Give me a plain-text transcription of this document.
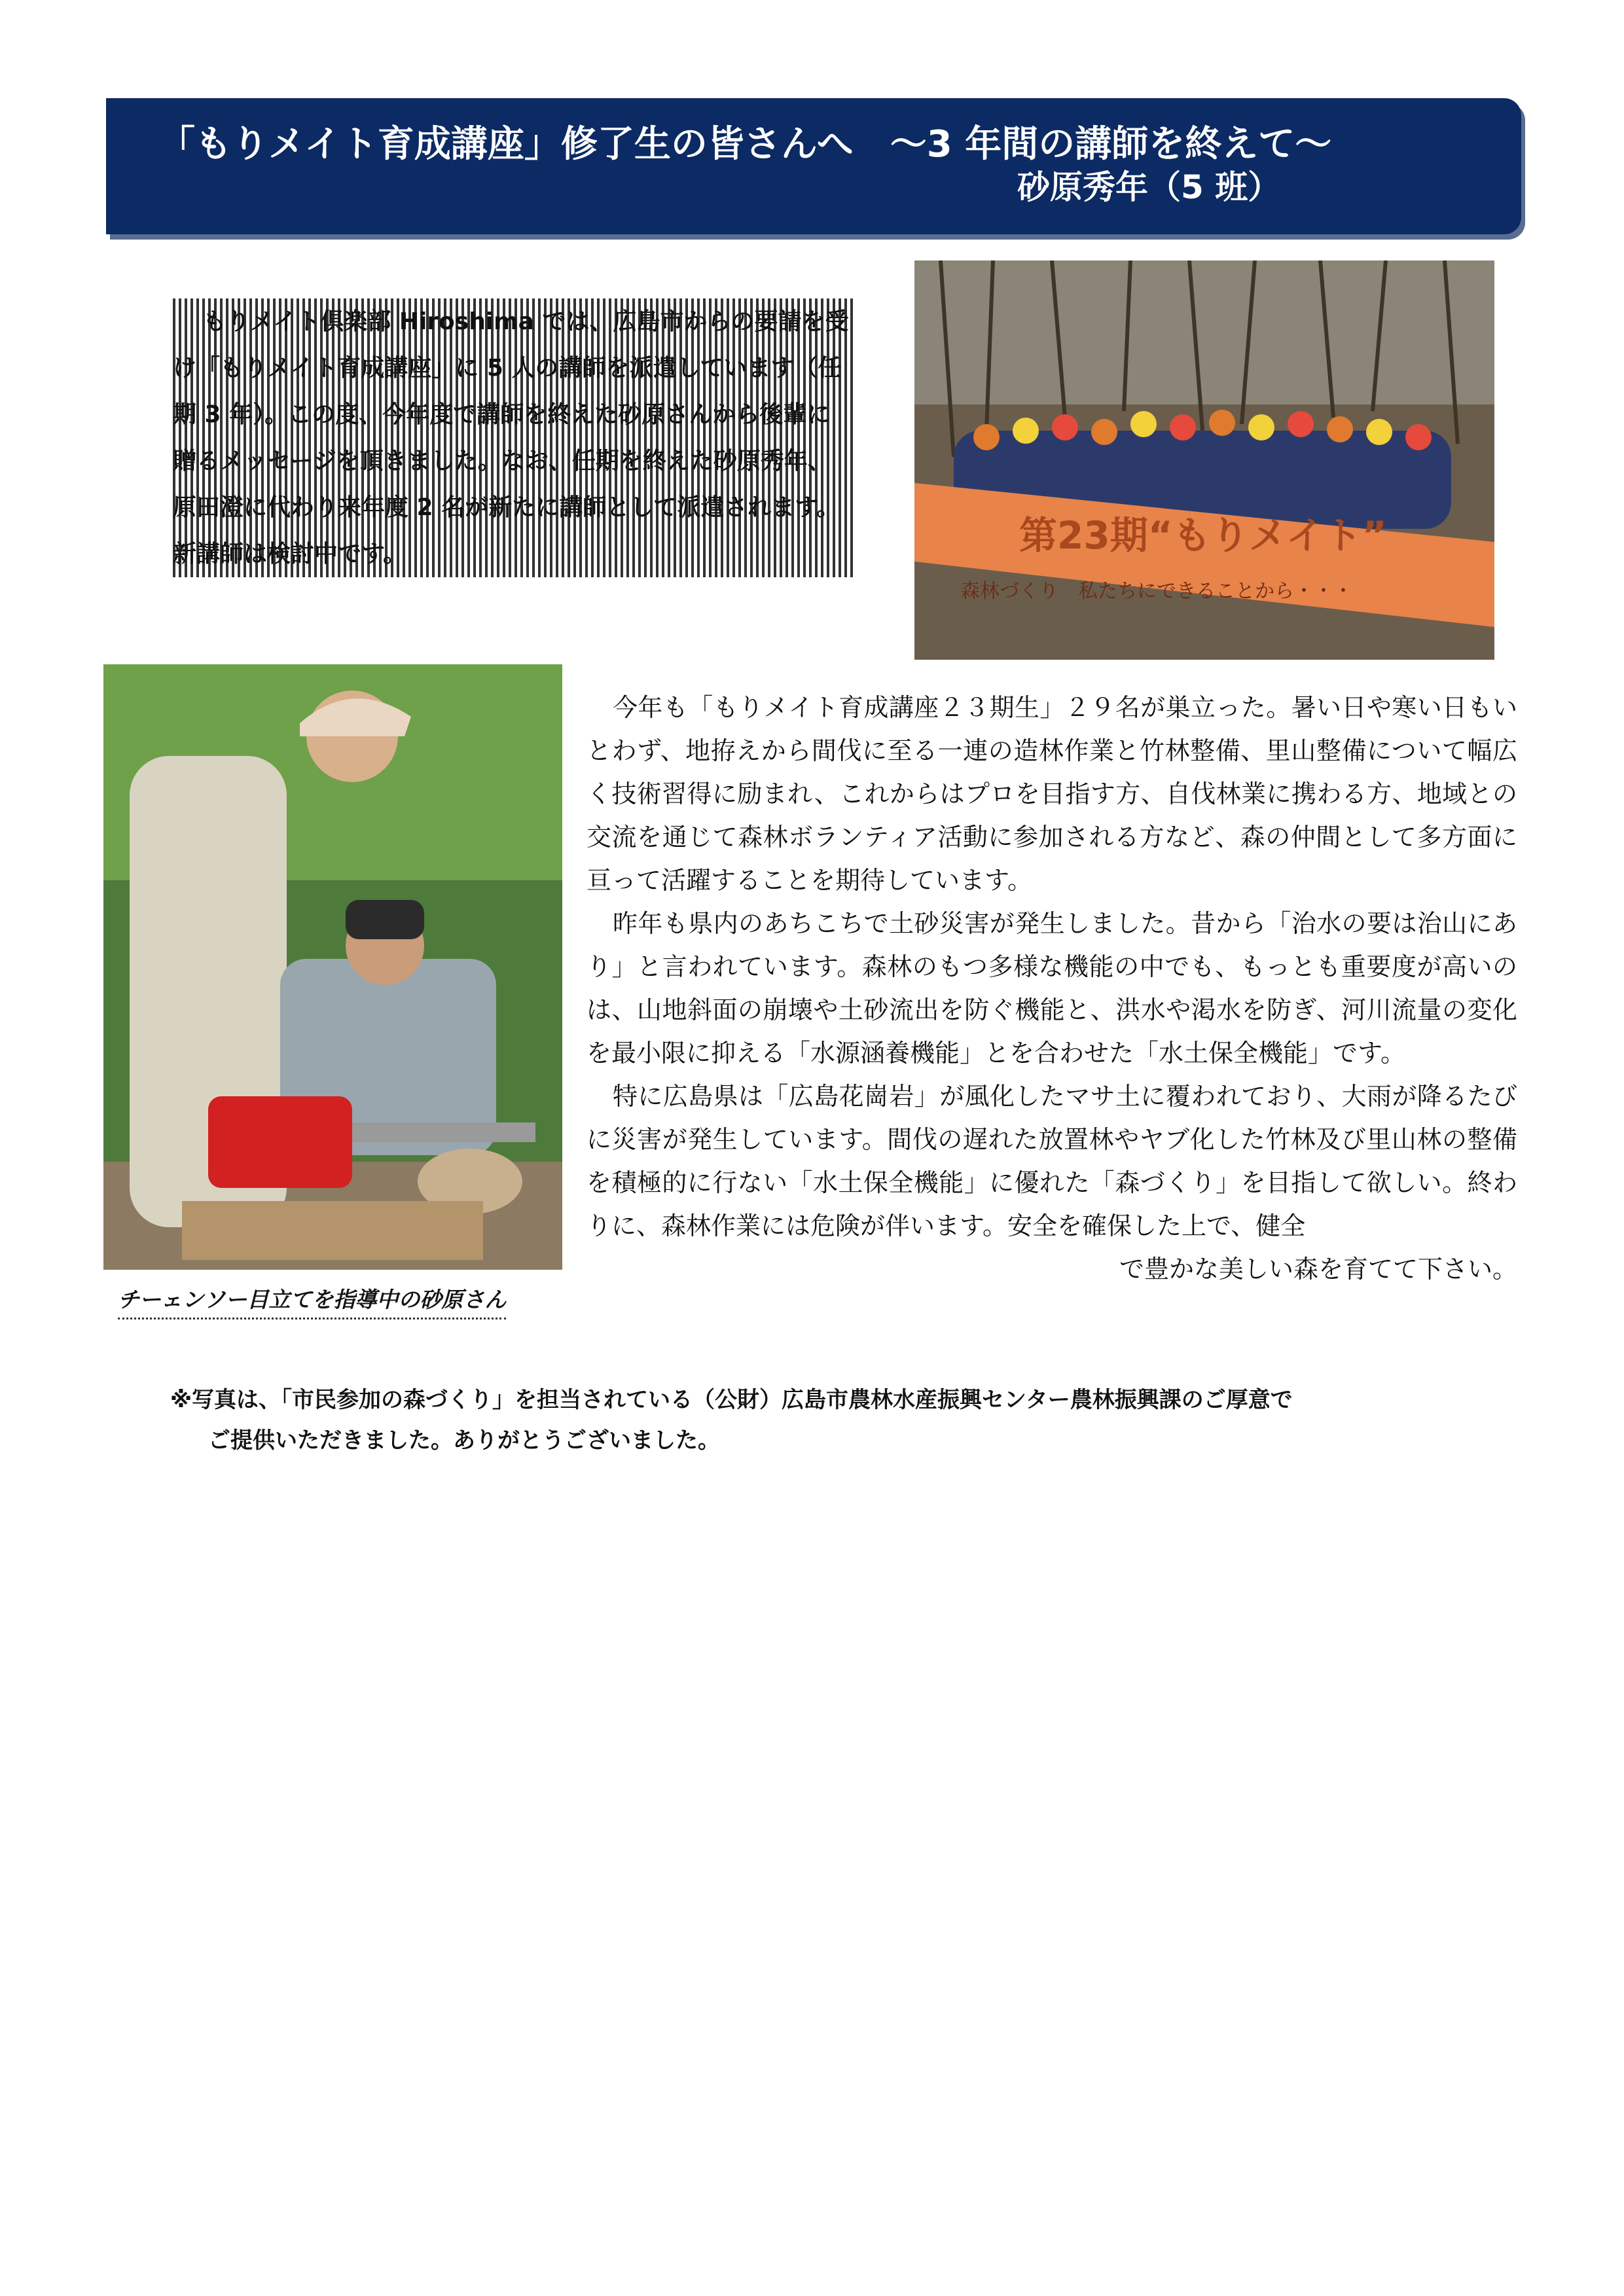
「もりメイト育成講座」修了生の皆さんへ　～3 年間の講師を終えて～
砂原秀年（5 班）

もりメイト倶楽部 Hiroshima では、広島市からの要請を受け「もりメイト育成講座」に 5 人の講師を派遣しています（任期 3 年）。この度、今年度で講師を終えた砂原さんから後輩に贈るメッセージを頂きました。なお、任期を終えた砂原秀年、原田澄に代わり来年度 2 名が新たに講師として派遣されます。新講師は検討中です。	第23期“もりメイト”
森林づくり　私たちにできることから・・・
チーェンソー目立てを指導中の砂原さん

今年も「もりメイト育成講座２３期生」２９名が巣立った。暑い日や寒い日もいとわず、地拵えから間伐に至る一連の造林作業と竹林整備、里山整備について幅広く技術習得に励まれ、これからはプロを目指す方、自伐林業に携わる方、地域との交流を通じて森林ボランティア活動に参加される方など、森の仲間として多方面に亘って活躍することを期待しています。

昨年も県内のあちこちで土砂災害が発生しました。昔から「治水の要は治山にあり」と言われています。森林のもつ多様な機能の中でも、もっとも重要度が高いのは、山地斜面の崩壊や土砂流出を防ぐ機能と、洪水や渇水を防ぎ、河川流量の変化を最小限に抑える「水源涵養機能」とを合わせた「水土保全機能」です。

特に広島県は「広島花崗岩」が風化したマサ土に覆われており、大雨が降るたびに災害が発生しています。間伐の遅れた放置林やヤブ化した竹林及び里山林の整備を積極的に行ない「水土保全機能」に優れた「森づくり」を目指して欲しい。終わりに、森林作業には危険が伴います。安全を確保した上で、健全

で豊かな美しい森を育てて下さい。

※写真は、「市民参加の森づくり」を担当されている（公財）広島市農林水産振興センター農林振興課のご厚意で
ご提供いただきました。ありがとうございました。
